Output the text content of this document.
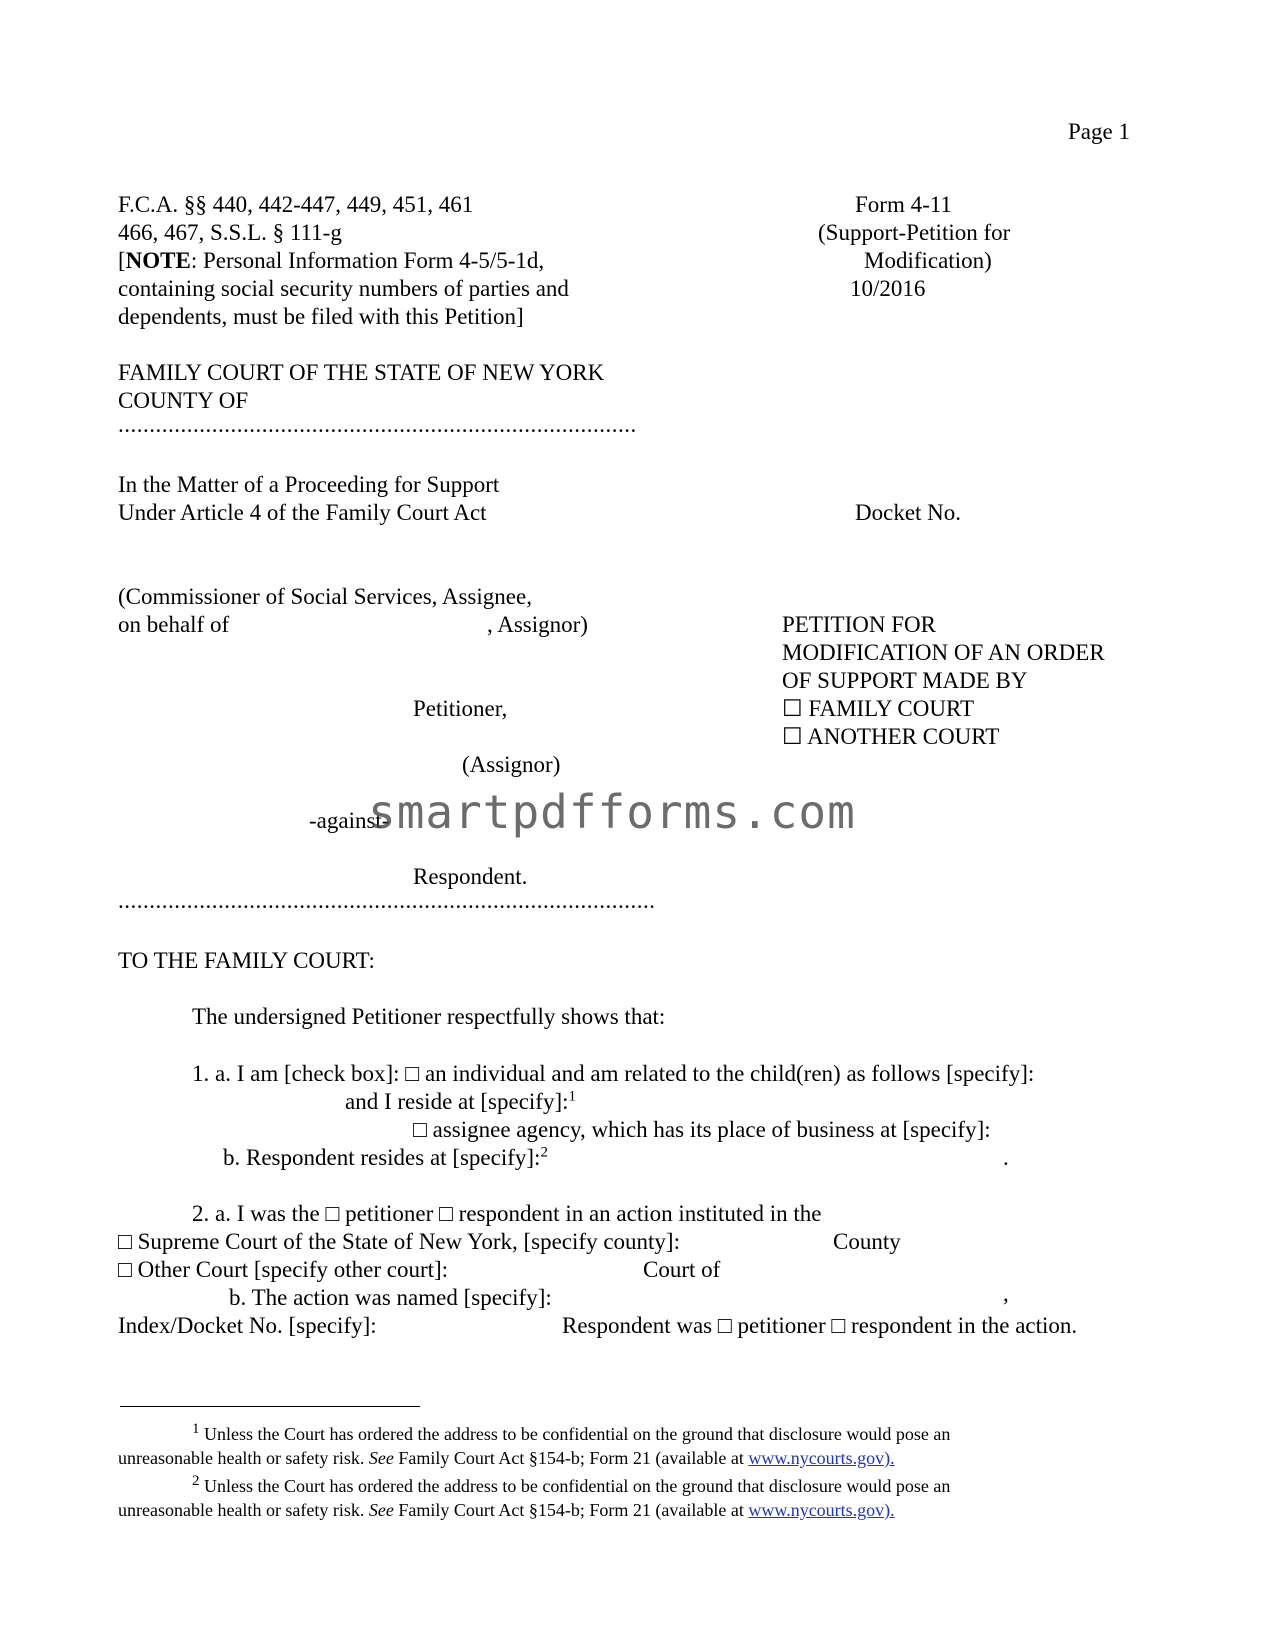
Page 1
F.C.A. §§ 440, 442-447, 449, 451, 461
466, 467, S.S.L. § 111-g
[NOTE: Personal Information Form 4-5/5-1d,
containing social security numbers of parties and
dependents, must be filed with this Petition]
Form 4-11
(Support-Petition for
Modification)
10/2016
FAMILY COURT OF THE STATE OF NEW YORK
COUNTY OF
...................................................................................
In the Matter of a Proceeding for Support
Under Article 4 of the Family Court Act	Docket No.
(Commissioner of Social Services, Assignee,
on behalf of	, Assignor)	PETITION FOR
MODIFICATION OF AN ORDER
OF SUPPORT MADE BY
☐ FAMILY COURT
☐ ANOTHER COURT
Petitioner,
(Assignor)
-against-
Respondent.
......................................................................................
smartpdfforms.com
TO THE FAMILY COURT:
The undersigned Petitioner respectfully shows that:
1. a. I am [check box]: □ an individual and am related to the child(ren) as follows [specify]:
and I reside at [specify]:$^1$
□ assignee agency, which has its place of business at [specify]:
b. Respondent resides at [specify]:$^2$	.
2. a. I was the □ petitioner □ respondent in an action instituted in the
□ Supreme Court of the State of New York, [specify county]:	County
□ Other Court [specify other court]:	Court of
b. The action was named [specify]:	,
Index/Docket No. [specify]:	Respondent was □ petitioner □ respondent in the action.
$^1$ Unless the Court has ordered the address to be confidential on the ground that disclosure would pose an
unreasonable health or safety risk. See Family Court Act §154-b; Form 21 (available at www.nycourts.gov).
$^2$ Unless the Court has ordered the address to be confidential on the ground that disclosure would pose an
unreasonable health or safety risk. See Family Court Act §154-b; Form 21 (available at www.nycourts.gov).
